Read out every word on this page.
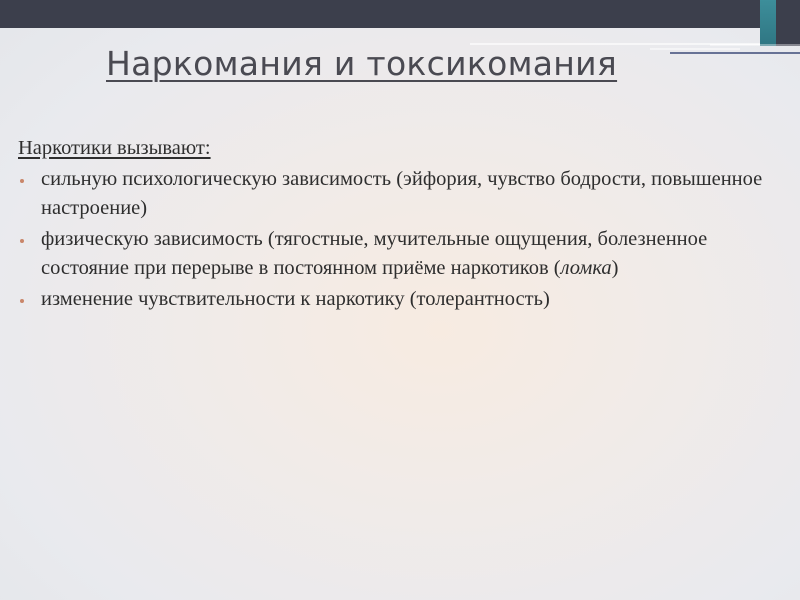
Наркомания и токсикомания

Наркотики вызывают:

сильную психологическую зависимость (эйфория, чувство бодрости, повышенное настроение)
физическую зависимость (тягостные, мучительные ощущения, болезненное состояние при перерыве в постоянном приёме наркотиков (ломка)
изменение чувствительности к наркотику (толерантность)
